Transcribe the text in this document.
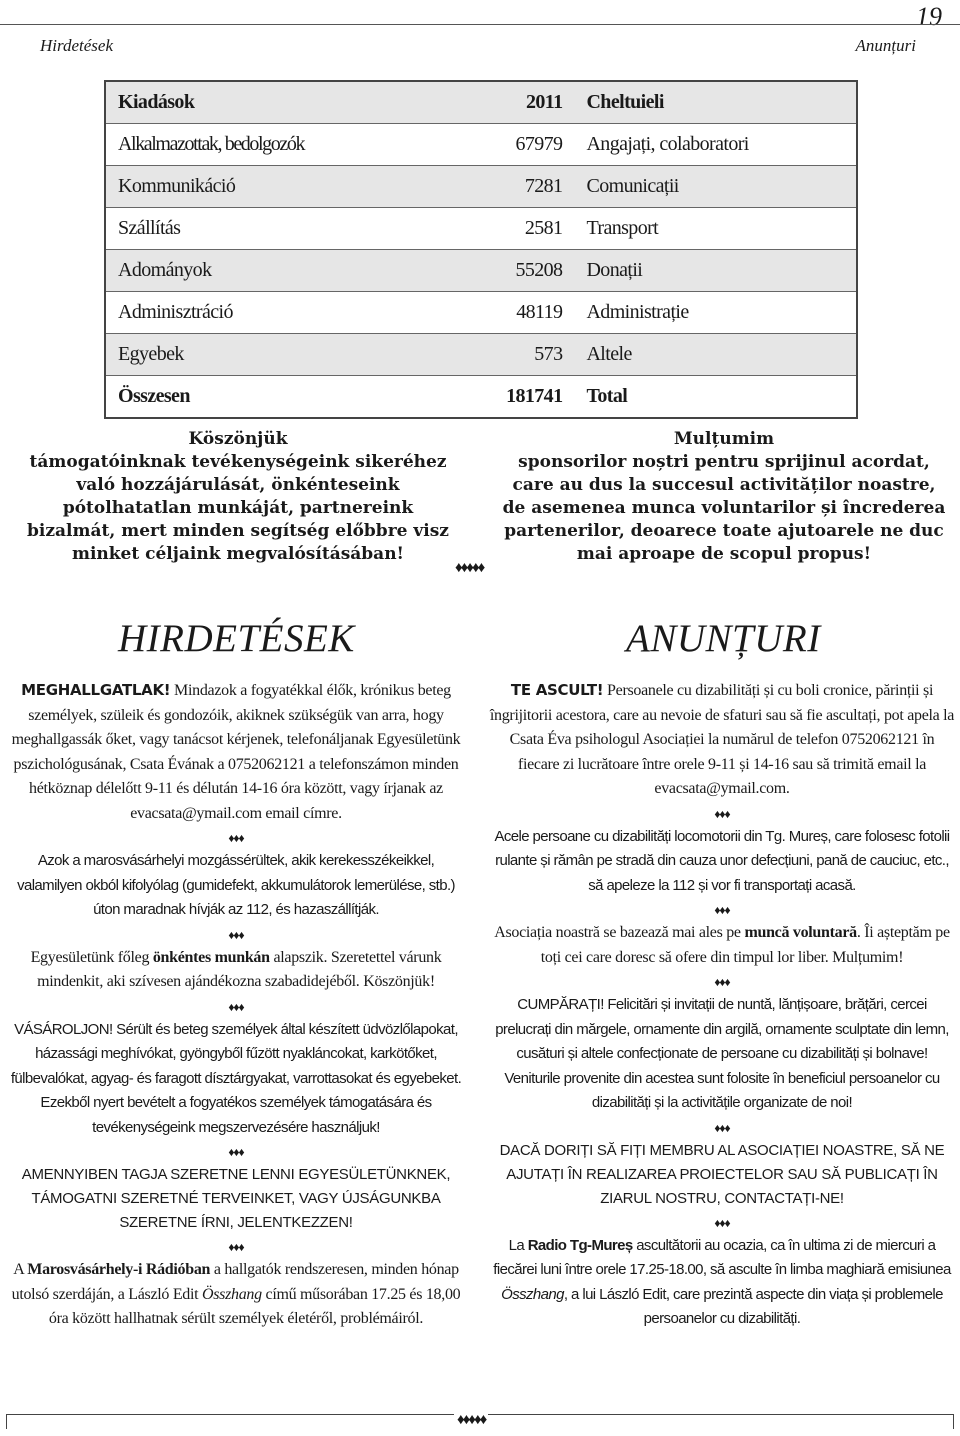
19
Hirdetések	Anunțuri
Kiadások	2011	Cheltuieli
Alkalmazottak, bedolgozók	67979	Angajați, colaboratori
Kommunikáció	7281	Comunicații
Szállítás	2581	Transport
Adományok	55208	Donații
Adminisztráció	48119	Administrație
Egyebek	573	Altele
Összesen	181741	Total
Köszönjük
támogatóinknak tevékenységeink sikeréhez
való hozzájárulását, önkénteseink
pótolhatatlan munkáját, partnereink
bizalmát, mert minden segítség előbbre visz
minket céljaink megvalósításában!
Mulțumim
sponsorilor noștri pentru sprijinul acordat,
care au dus la succesul activităților noastre,
de asemenea munca voluntarilor și încrederea
partenerilor, deoarece toate ajutoarele ne duc
mai aproape de scopul propus!
♦♦♦♦♦
HIRDETÉSEK	ANUNȚURI

MEGHALLGATLAK! Mindazok a fogyatékkal élők, krónikus beteg személyek, szüleik és gondozóik, akiknek szükségük van arra, hogy meghallgassák őket, vagy tanácsot kérjenek, telefonáljanak Egyesületünk pszichológusának, Csata Évának a 0752062121 a telefonszámon minden hétköznap délelőtt 9-11 és délután 14-16 óra között, vagy írjanak az evacsata@ymail.com email címre.

♦♦♦

Azok a marosvásárhelyi mozgássérültek, akik kerekesszékeikkel, valamilyen okból kifolyólag (gumidefekt, akkumulátorok lemerülése, stb.) úton maradnak hívják az 112, és hazaszállítják.

♦♦♦

Egyesületünk főleg önkéntes munkán alapszik. Szeretettel várunk mindenkit, aki szívesen ajándékozna szabadidejéből. Köszönjük!

♦♦♦

VÁSÁROLJON! Sérült és beteg személyek által készített üdvözlőlapokat, házassági meghívókat, gyöngyből fűzött nyakláncokat, karkötőket, fülbevalókat, agyag- és faragott dísztárgyakat, varrottasokat és egyebeket. Ezekből nyert bevételt a fogyatékos személyek támogatására és tevékenységeink megszervezésére használjuk!

♦♦♦

AMENNYIBEN TAGJA SZERETNE LENNI EGYESÜLETÜNKNEK, TÁMOGATNI SZERETNÉ TERVEINKET, VAGY ÚJSÁGUNKBA SZERETNE ÍRNI, JELENTKEZZEN!

♦♦♦

A Marosvásárhely-i Rádióban a hallgatók rendszeresen, minden hónap utolsó szerdáján, a László Edit Összhang című műsorában 17.25 és 18,00 óra között hallhatnak sérült személyek életéről, problémáiról.

TE ASCULT! Persoanele cu dizabilități și cu boli cronice, părinții și îngrijitorii acestora, care au nevoie de sfaturi sau să fie ascultați, pot apela la Csata Éva psihologul Asociației la numărul de telefon 0752062121 în fiecare zi lucrătoare între orele 9-11 și 14-16 sau să trimită email la evacsata@ymail.com.

♦♦♦

Acele persoane cu dizabilități locomotorii din Tg. Mureș, care folosesc fotolii rulante și rămân pe stradă din cauza unor defecțiuni, pană de cauciuc, etc., să apeleze la 112 și vor fi transportați acasă.

♦♦♦

Asociația noastră se bazează mai ales pe muncă voluntară. Îi așteptăm pe toți cei care doresc să ofere din timpul lor liber. Mulțumim!

♦♦♦

CUMPĂRAȚI! Felicitări și invitații de nuntă, lănțișoare, brățări, cercei prelucrați din mărgele, ornamente din argilă, ornamente sculptate din lemn, cusături și altele confecționate de persoane cu dizabilități și bolnave! Veniturile provenite din acestea sunt folosite în beneficiul persoanelor cu dizabilități și la activitățile organizate de noi!

♦♦♦

DACĂ DORIȚI SĂ FIȚI MEMBRU AL ASOCIAȚIEI NOASTRE, SĂ NE AJUTAȚI ÎN REALIZAREA PROIECTELOR SAU SĂ PUBLICAȚI ÎN ZIARUL NOSTRU, CONTACTAȚI-NE!

♦♦♦

La Radio Tg-Mureș ascultătorii au ocazia, ca în ultima zi de miercuri a fiecărei luni între orele 17.25-18.00, să asculte în limba maghiară emisiunea Összhang, a lui László Edit, care prezintă aspecte din viața și problemele persoanelor cu dizabilități.

♦♦♦♦♦
